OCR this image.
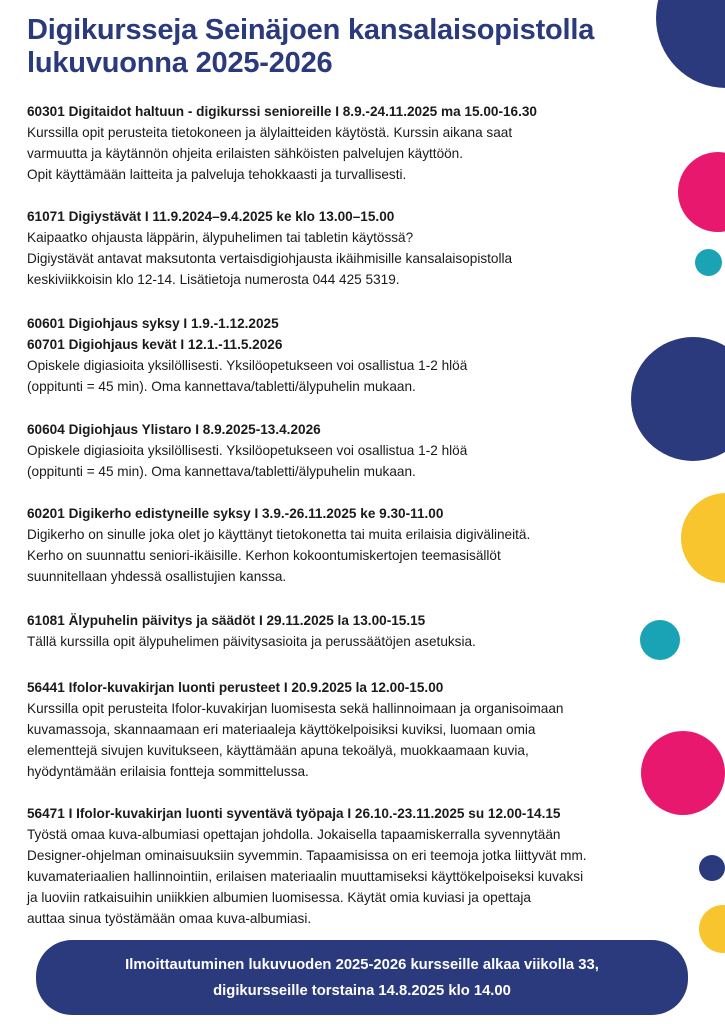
Digikursseja Seinäjoen kansalaisopistolla
lukuvuonna 2025-2026
60301 Digitaidot haltuun - digikurssi senioreille I 8.9.-24.11.2025 ma 15.00-16.30
Kurssilla opit perusteita tietokoneen ja älylaitteiden käytöstä. Kurssin aikana saat
varmuutta ja käytännön ohjeita erilaisten sähköisten palvelujen käyttöön.
Opit käyttämään laitteita ja palveluja tehokkaasti ja turvallisesti.
61071 Digiystävät I 11.9.2024–9.4.2025 ke klo 13.00–15.00
Kaipaatko ohjausta läppärin, älypuhelimen tai tabletin käytössä?
Digiystävät antavat maksutonta vertaisdigiohjausta ikäihmisille kansalaisopistolla
keskiviikkoisin klo 12-14. Lisätietoja numerosta 044 425 5319.
60601 Digiohjaus syksy I 1.9.-1.12.2025
60701 Digiohjaus kevät I 12.1.-11.5.2026
Opiskele digiasioita yksilöllisesti. Yksilöopetukseen voi osallistua 1-2 hlöä
(oppitunti = 45 min). Oma kannettava/tabletti/älypuhelin mukaan.
60604 Digiohjaus Ylistaro I 8.9.2025-13.4.2026
Opiskele digiasioita yksilöllisesti. Yksilöopetukseen voi osallistua 1-2 hlöä
(oppitunti = 45 min). Oma kannettava/tabletti/älypuhelin mukaan.
60201 Digikerho edistyneille syksy I 3.9.-26.11.2025 ke 9.30-11.00
Digikerho on sinulle joka olet jo käyttänyt tietokonetta tai muita erilaisia digivälineitä.
Kerho on suunnattu seniori-ikäisille. Kerhon kokoontumiskertojen teemasisällöt
suunnitellaan yhdessä osallistujien kanssa.
61081 Älypuhelin päivitys ja säädöt I 29.11.2025 la 13.00-15.15
Tällä kurssilla opit älypuhelimen päivitysasioita ja perussäätöjen asetuksia.
56441 Ifolor-kuvakirjan luonti perusteet I 20.9.2025 la 12.00-15.00
Kurssilla opit perusteita Ifolor-kuvakirjan luomisesta sekä hallinnoimaan ja organisoimaan
kuvamassoja, skannaamaan eri materiaaleja käyttökelpoisiksi kuviksi, luomaan omia
elementtejä sivujen kuvitukseen, käyttämään apuna tekoälyä, muokkaamaan kuvia,
hyödyntämään erilaisia fontteja sommittelussa.
56471 I Ifolor-kuvakirjan luonti syventävä työpaja I 26.10.-23.11.2025 su 12.00-14.15
Työstä omaa kuva-albumiasi opettajan johdolla. Jokaisella tapaamiskerralla syvennytään
Designer-ohjelman ominaisuuksiin syvemmin. Tapaamisissa on eri teemoja jotka liittyvät mm.
kuvamateriaalien hallinnointiin, erilaisen materiaalin muuttamiseksi käyttökelpoiseksi kuvaksi
ja luoviin ratkaisuihin uniikkien albumien luomisessa. Käytät omia kuviasi ja opettaja
auttaa sinua työstämään omaa kuva-albumiasi.
Ilmoittautuminen lukuvuoden 2025-2026 kursseille alkaa viikolla 33,
digikursseille torstaina 14.8.2025 klo 14.00
